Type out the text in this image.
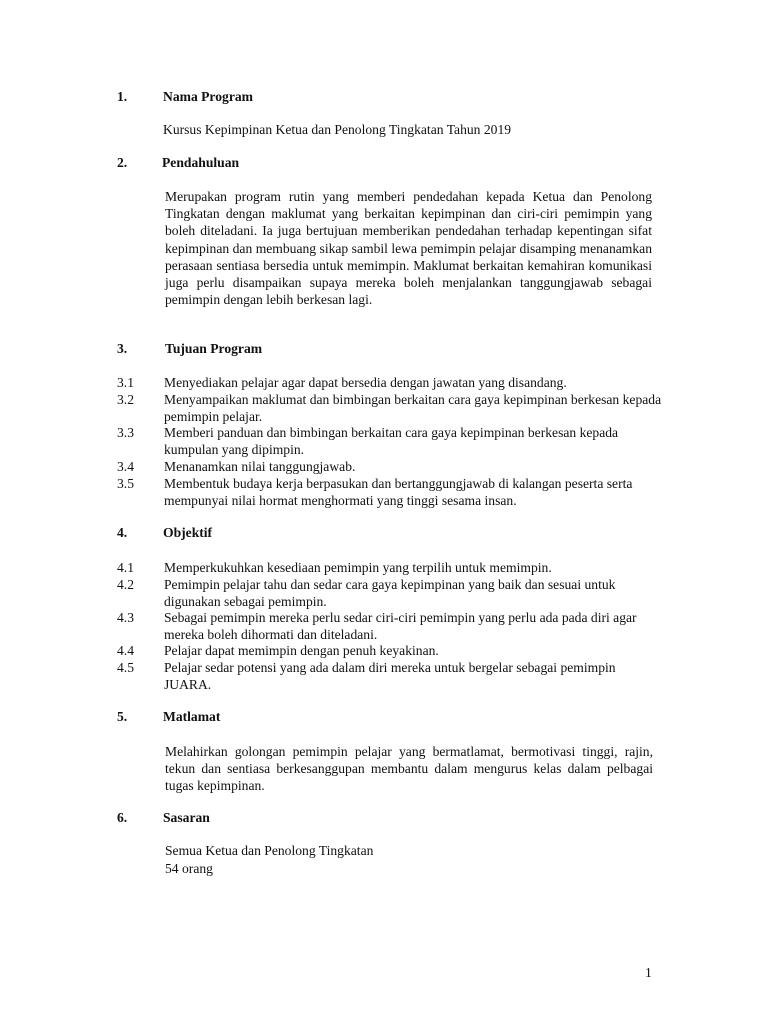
1.	Nama Program
Kursus Kepimpinan Ketua dan Penolong Tingkatan Tahun 2019
2.	Pendahuluan
Merupakan program rutin yang memberi pendedahan kepada Ketua dan Penolong Tingkatan dengan maklumat yang berkaitan kepimpinan dan ciri-ciri pemimpin yang boleh diteladani. Ia juga bertujuan memberikan pendedahan terhadap kepentingan sifat kepimpinan dan membuang sikap sambil lewa pemimpin pelajar disamping menanamkan perasaan sentiasa bersedia untuk memimpin. Maklumat berkaitan kemahiran komunikasi juga perlu disampaikan supaya mereka boleh menjalankan tanggungjawab sebagai pemimpin dengan lebih berkesan lagi.
3.	Tujuan Program
3.1 Menyediakan pelajar agar dapat bersedia dengan jawatan yang disandang.
3.2 Menyampaikan maklumat dan bimbingan berkaitan cara gaya kepimpinan berkesan kepada pemimpin pelajar.
3.3 Memberi panduan dan bimbingan berkaitan cara gaya kepimpinan berkesan kepada kumpulan yang dipimpin.
3.4 Menanamkan nilai tanggungjawab.
3.5 Membentuk budaya kerja berpasukan dan bertanggungjawab di kalangan peserta serta mempunyai nilai hormat menghormati yang tinggi sesama insan.
4.	Objektif
4.1 Memperkukuhkan kesediaan pemimpin yang terpilih untuk memimpin.
4.2 Pemimpin pelajar tahu dan sedar cara gaya kepimpinan yang baik dan sesuai untuk digunakan sebagai pemimpin.
4.3 Sebagai pemimpin mereka perlu sedar ciri-ciri pemimpin yang perlu ada pada diri agar mereka boleh dihormati dan diteladani.
4.4 Pelajar dapat memimpin dengan penuh keyakinan.
4.5 Pelajar sedar potensi yang ada dalam diri mereka untuk bergelar sebagai pemimpin JUARA.
5.	Matlamat
Melahirkan golongan pemimpin pelajar yang bermatlamat, bermotivasi tinggi, rajin, tekun dan sentiasa berkesanggupan membantu dalam mengurus kelas dalam pelbagai tugas kepimpinan.
6.	Sasaran
Semua Ketua dan Penolong Tingkatan
54 orang
1
